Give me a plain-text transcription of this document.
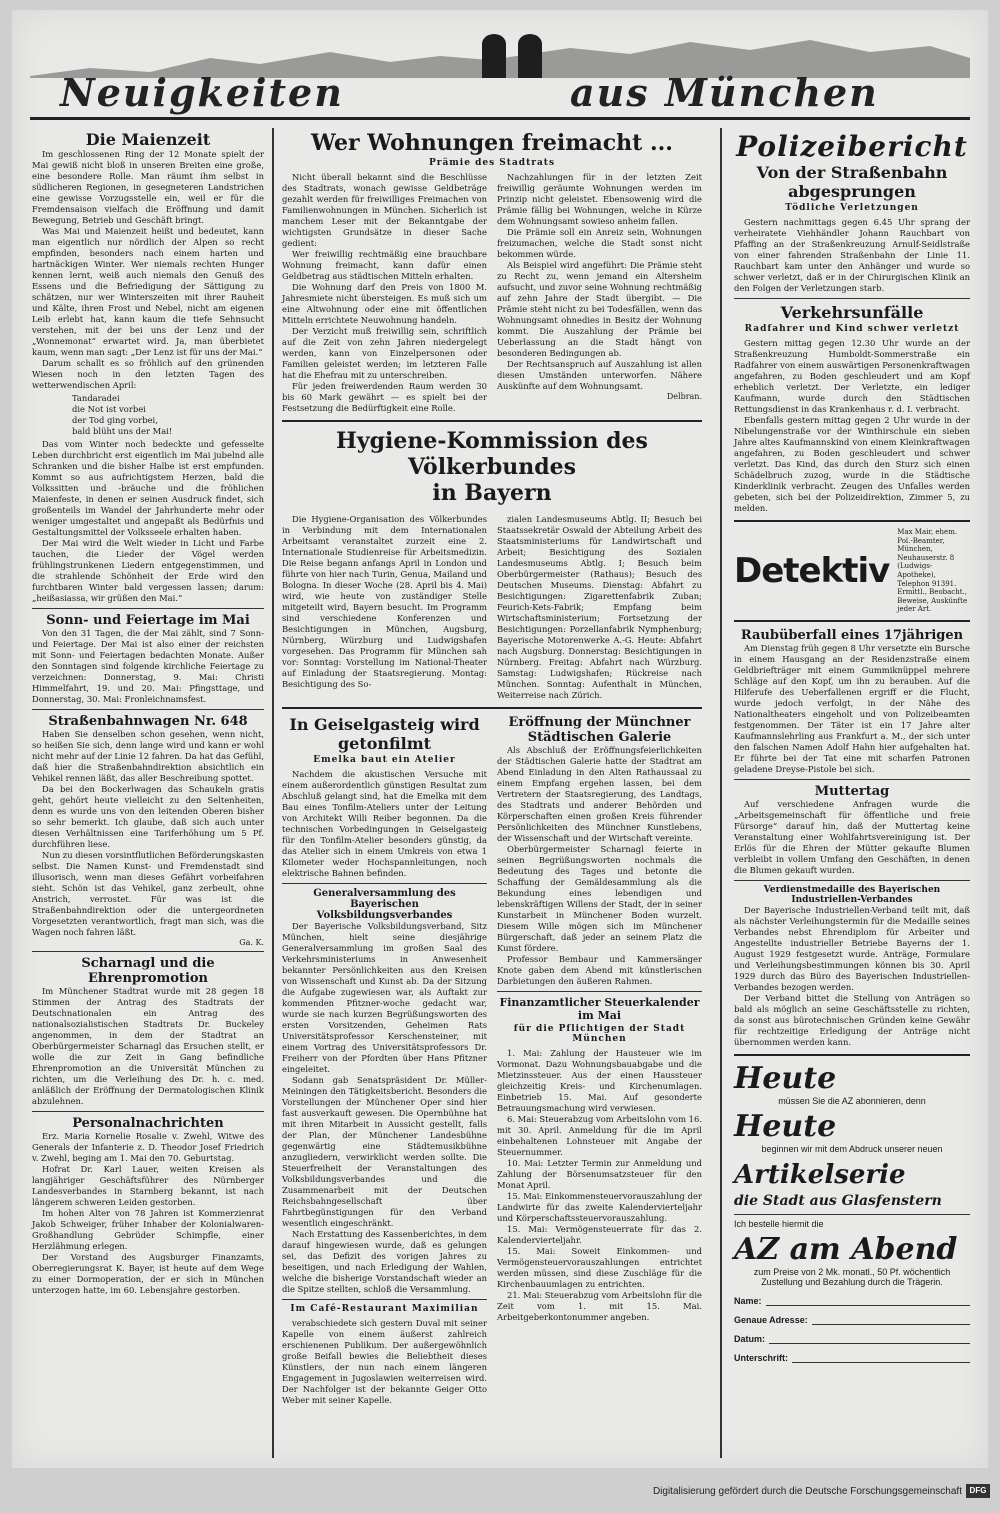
Neuigkeiten	aus München
Die Maienzeit

Im geschlossenen Ring der 12 Monate spielt der Mai gewiß nicht bloß in unseren Breiten eine große, eine besondere Rolle. Man räumt ihm selbst in südlicheren Regionen, in gesegneteren Landstrichen eine gewisse Vorzugsstelle ein, weil er für die Fremdensaison vielfach die Eröffnung und damit Bewegung, Betrieb und Geschäft bringt.

Was Mai und Maienzeit heißt und bedeutet, kann man eigentlich nur nördlich der Alpen so recht empfinden, besonders nach einem harten und hartnäckigen Winter. Wer niemals rechten Hunger kennen lernt, weiß auch niemals den Genuß des Essens und die Befriedigung der Sättigung zu schätzen, nur wer Winterszeiten mit ihrer Rauheit und Kälte, ihren Frost und Nebel, nicht am eigenen Leib erlebt hat, kann kaum die tiefe Sehnsucht verstehen, mit der bei uns der Lenz und der „Wonnemonat“ erwartet wird. Ja, man überbietet kaum, wenn man sagt: „Der Lenz ist für uns der Mai.“

Darum schallt es so fröhlich auf den grünenden Wiesen noch in den letzten Tagen des wetterwendischen April:

Tandaradei
die Not ist vorbei
der Tod ging vorbei,
bald blüht uns der Mai!

Das vom Winter noch bedeckte und gefesselte Leben durchbricht erst eigentlich im Mai jubelnd alle Schranken und die bisher Halbe ist erst empfunden. Kommt so aus aufrichtigstem Herzen, bald die Volkssitten und -bräuche und die fröhlichen Maienfeste, in denen er seinen Ausdruck findet, sich großenteils im Wandel der Jahrhunderte mehr oder weniger umgestaltet und angepaßt als Bedürfnis und Gestaltungsmittel der Volksseele erhalten haben.

Der Mai wird die Welt wieder in Licht und Farbe tauchen, die Lieder der Vögel werden frühlingstrunkenen Liedern entgegenstimmen, und die strahlende Schönheit der Erde wird den furchtbaren Winter bald vergessen lassen; darum: „heißasiassa, wir grüßen den Mai.“

Sonn- und Feiertage im Mai

Von den 31 Tagen, die der Mai zählt, sind 7 Sonn- und Feiertage. Der Mai ist also einer der reichsten mit Sonn- und Feiertagen bedachten Monate. Außer den Sonntagen sind folgende kirchliche Feiertage zu verzeichnen: Donnerstag, 9. Mai: Christi Himmelfahrt, 19. und 20. Mai: Pfingsttage, und Donnerstag, 30. Mai: Fronleichnamsfest.

Straßenbahnwagen Nr. 648

Haben Sie denselben schon gesehen, wenn nicht, so heißen Sie sich, denn lange wird und kann er wohl nicht mehr auf der Linie 12 fahren. Da hat das Gefühl, daß hier die Straßenbahndirektion absichtlich ein Vehikel rennen läßt, das aller Beschreibung spottet.

Da bei den Bockerlwagen das Schaukeln gratis geht, gehört heute vielleicht zu den Seltenheiten, denn es wurde uns von den leitenden Oberen bisher so sehr bemerkt. Ich glaube, daß sich auch unter diesen Verhältnissen eine Tariferhöhung um 5 Pf. durchführen liese.

Nun zu diesen vorsintflutlichen Beförderungskasten selbst. Die Namen Kunst- und Fremdenstadt sind illusorisch, wenn man dieses Gefährt vorbeifahren sieht. Schön ist das Vehikel, ganz zerbeult, ohne Anstrich, verrostet. Für was ist die Straßenbahndirektion oder die untergeordneten Vorgesetzten verantwortlich, fragt man sich, was die Wagen noch fahren läßt.

Ga. K.

Scharnagl und die Ehrenpromotion

Im Münchener Stadtrat wurde mit 28 gegen 18 Stimmen der Antrag des Stadtrats der Deutschnationalen ein Antrag des nationalsozialistischen Stadtrats Dr. Buckeley angenommen, in dem der Stadtrat an Oberbürgermeister Scharnagl das Ersuchen stellt, er wolle die zur Zeit in Gang befindliche Ehrenpromotion an die Universität München zu richten, um die Verleihung des Dr. h. c. med. anläßlich der Eröffnung der Dermatologischen Klinik abzulehnen.

Personalnachrichten

Erz. Maria Kornelie Rosalie v. Zwehl, Witwe des Generals der Infanterie z. D. Theodor Josef Friedrich v. Zwehl, beging am 1. Mai den 70. Geburtstag.

Hofrat Dr. Karl Lauer, weiten Kreisen als langjähriger Geschäftsführer des Nürnberger Landesverbandes in Starnberg bekannt, ist nach längerem schweren Leiden gestorben.

Im hohen Alter von 78 Jahren ist Kommerzienrat Jakob Schweiger, früher Inhaber der Kolonialwaren-Großhandlung Gebrüder Schimpfle, einer Herzlähmung erlegen.

Der Vorstand des Augsburger Finanzamts, Oberregierungsrat K. Bayer, ist heute auf dem Wege zu einer Dormoperation, der er sich in München unterzogen hatte, im 60. Lebensjahre gestorben.

Wer Wohnungen freimacht ...
Prämie des Stadtrats

Nicht überall bekannt sind die Beschlüsse des Stadtrats, wonach gewisse Geldbeträge gezahlt werden für freiwilliges Freimachen von Familienwohnungen in München. Sicherlich ist manchem Leser mit der Bekanntgabe der wichtigsten Grundsätze in dieser Sache gedient:

Wer freiwillig rechtmäßig eine brauchbare Wohnung freimacht, kann dafür einen Geldbetrag aus städtischen Mitteln erhalten.

Die Wohnung darf den Preis von 1800 M. Jahresmiete nicht übersteigen. Es muß sich um eine Altwohnung oder eine mit öffentlichen Mitteln errichtete Neuwohnung handeln.

Der Verzicht muß freiwillig sein, schriftlich auf die Zeit von zehn Jahren niedergelegt werden, kann von Einzelpersonen oder Familien geleistet werden; im letzteren Falle hat die Ehefrau mit zu unterschreiben.

Für jeden freiwerdenden Raum werden 30 bis 60 Mark gewährt — es spielt bei der Festsetzung die Bedürftigkeit eine Rolle.

Nachzahlungen für in der letzten Zeit freiwillig geräumte Wohnungen werden im Prinzip nicht geleistet. Ebensowenig wird die Prämie fällig bei Wohnungen, welche in Kürze dem Wohnungsamt sowieso anheim fallen.

Die Prämie soll ein Anreiz sein, Wohnungen freizumachen, welche die Stadt sonst nicht bekommen würde.

Als Beispiel wird angeführt: Die Prämie steht zu Recht zu, wenn jemand ein Altersheim aufsucht, und zuvor seine Wohnung rechtmäßig auf zehn Jahre der Stadt übergibt. — Die Prämie steht nicht zu bei Todesfällen, wenn das Wohnungsamt ohnedies in Besitz der Wohnung kommt. Die Auszahlung der Prämie bei Ueberlassung an die Stadt hängt von besonderen Bedingungen ab.

Der Rechtsanspruch auf Auszahlung ist allen diesen Umständen unterworfen. Nähere Auskünfte auf dem Wohnungsamt.

Delbran.

Hygiene-Kommission des Völkerbundes
in Bayern

Die Hygiene-Organisation des Völkerbundes in Verbindung mit dem Internationalen Arbeitsamt veranstaltet zurzeit eine 2. Internationale Studienreise für Arbeitsmedizin. Die Reise begann anfangs April in London und führte von hier nach Turin, Genua, Mailand und Bologna. In dieser Woche (28. April bis 4. Mai) wird, wie heute von zuständiger Stelle mitgeteilt wird, Bayern besucht. Im Programm sind verschiedene Konferenzen und Besichtigungen in München, Augsburg, Nürnberg, Würzburg und Ludwigshafen vorgesehen. Das Programm für München sah vor: Sonntag: Vorstellung im National-Theater auf Einladung der Staatsregierung. Montag: Besichtigung des So-

zialen Landesmuseums Abtlg. II; Besuch bei Staatssekretär Oswald der Abteilung Arbeit des Staatsministeriums für Landwirtschaft und Arbeit; Besichtigung des Sozialen Landesmuseums Abtlg. I; Besuch beim Oberbürgermeister (Rathaus); Besuch des Deutschen Museums. Dienstag: Abfahrt zu Besichtigungen: Zigarettenfabrik Zuban; Feurich-Kets-Fabrik; Empfang beim Wirtschaftsministerium; Fortsetzung der Besichtigungen: Porzellanfabrik Nymphenburg; Bayerische Motorenwerke A.-G. Heute: Abfahrt nach Augsburg. Donnerstag: Besichtigungen in Nürnberg. Freitag: Abfahrt nach Würzburg. Samstag: Ludwigshafen; Rückreise nach München. Sonntag: Aufenthalt in München, Weiterreise nach Zürich.

In Geiselgasteig wird getonfilmt
Emelka baut ein Atelier

Nachdem die akustischen Versuche mit einem außerordentlich günstigen Resultat zum Abschluß gelangt sind, hat die Emelka mit dem Bau eines Tonfilm-Ateliers unter der Leitung von Architekt Willi Reiber begonnen. Da die technischen Vorbedingungen in Geiselgasteig für den Tonfilm-Atelier besonders günstig, da das Atelier sich in einem Umkreis von etwa 1 Kilometer weder Hochspannleitungen, noch elektrische Bahnen befinden.

Generalversammlung des Bayerischen Volksbildungsverbandes

Der Bayerische Volksbildungsverband, Sitz München, hielt seine diesjährige Generalversammlung im großen Saal des Verkehrsministeriums in Anwesenheit bekannter Persönlichkeiten aus den Kreisen von Wissenschaft und Kunst ab. Da der Sitzung die Aufgabe zugewiesen war, als Auftakt zur kommenden Pfitzner-woche gedacht war, wurde sie nach kurzen Begrüßungsworten des ersten Vorsitzenden, Geheimen Rats Universitätsprofessor Kerschensteiner, mit einem Vortrag des Universitätsprofessors Dr. Freiherr von der Pfordten über Hans Pfitzner eingeleitet.

Sodann gab Senatspräsident Dr. Müller-Meiningen den Tätigkeitsbericht. Besonders die Vorstellungen der Münchener Oper sind hier fast ausverkauft gewesen. Die Opernbühne hat mit ihren Mitarbeit in Aussicht gestellt, falls der Plan, der Münchener Landesbühne gegenwärtig eine Städtemusikbühne anzugliedern, verwirklicht werden sollte. Die Steuerfreiheit der Veranstaltungen des Volksbildungsverbandes und die Zusammenarbeit mit der Deutschen Reichsbahngesellschaft über Fahrtbegünstigungen für den Verband wesentlich eingeschränkt.

Nach Erstattung des Kassenberichtes, in dem darauf hingewiesen wurde, daß es gelungen sei, das Defizit des vorigen Jahres zu beseitigen, und nach Erledigung der Wahlen, welche die bisherige Vorstandschaft wieder an die Spitze stellten, schloß die Versammlung.

Im Café-Restaurant Maximilian

verabschiedete sich gestern Duval mit seiner Kapelle von einem äußerst zahlreich erschienenen Publikum. Der außergewöhnlich große Beifall bewies die Beliebtheit dieses Künstlers, der nun nach einem längeren Engagement in Jugoslawien weiterreisen wird. Der Nachfolger ist der bekannte Geiger Otto Weber mit seiner Kapelle.

Eröffnung der Münchner Städtischen Galerie

Als Abschluß der Eröffnungsfeierlichkeiten der Städtischen Galerie hatte der Stadtrat am Abend Einladung in den Alten Rathaussaal zu einem Empfang ergehen lassen, bei dem Vertretern der Staatsregierung, des Landtags, des Stadtrats und anderer Behörden und Körperschaften einen großen Kreis führender Persönlichkeiten des Münchner Kunstlebens, der Wissenschaft und der Wirtschaft vereinte.

Oberbürgermeister Scharnagl feierte in seinen Begrüßungsworten nochmals die Bedeutung des Tages und betonte die Schaffung der Gemäldesammlung als die Bekundung eines lebendigen und lebenskräftigen Willens der Stadt, der in seiner Kunstarbeit in Münchener Boden wurzelt. Diesem Wille mögen sich im Münchener Bürgerschaft, daß jeder an seinem Platz die Kunst fördere.

Professor Bembaur und Kammersänger Knote gaben dem Abend mit künstlerischen Darbietungen den äußeren Rahmen.

Finanzamtlicher Steuerkalender im Mai
für die Pflichtigen der Stadt München

1. Mai: Zahlung der Hausteuer wie im Vormonat. Dazu Wohnungsbauabgabe und die Mietzinssteuer. Aus der einen Haussteuer gleichzeitig Kreis- und Kirchenumlagen. Einbetrieb 15. Mai. Auf gesonderte Betrauungsmachung wird verwiesen.

6. Mai: Steuerabzug vom Arbeitslohn vom 16. mit 30. April. Anmeldung für die im April einbehaltenen Lohnsteuer mit Angabe der Steuernummer.

10. Mai: Letzter Termin zur Anmeldung und Zahlung der Börsenumsatzsteuer für den Monat April.

15. Mai: Einkommensteuervorauszahlung der Landwirte für das zweite Kalendervierteljahr und Körperschaftssteuervorauszahlung.

15. Mai: Vermögensteuerrate für das 2. Kalendervierteljahr.

15. Mai: Soweit Einkommen- und Vermögensteuervorauszahlungen entrichtet werden müssen, sind diese Zuschläge für die Kirchenbauumlagen zu entrichten.

21. Mai: Steuerabzug vom Arbeitslohn für die Zeit vom 1. mit 15. Mai. Arbeitgeberkontonummer angeben.

Polizeibericht
Von der Straßenbahn abgesprungen
Tödliche Verletzungen

Gestern nachmittags gegen 6.45 Uhr sprang der verheiratete Viehhändler Johann Rauchbart von Pfaffing an der Straßenkreuzung Arnulf-Seidlstraße von einer fahrenden Straßenbahn der Linie 11. Rauchbart kam unter den Anhänger und wurde so schwer verletzt, daß er in der Chirurgischen Klinik an den Folgen der Verletzungen starb.

Verkehrsunfälle
Radfahrer und Kind schwer verletzt

Gestern mittag gegen 12.30 Uhr wurde an der Straßenkreuzung Humboldt-Sommerstraße ein Radfahrer von einem auswärtigen Personenkraftwagen angefahren, zu Boden geschleudert und am Kopf erheblich verletzt. Der Verletzte, ein lediger Kaufmann, wurde durch den Städtischen Rettungsdienst in das Krankenhaus r. d. I. verbracht.

Ebenfalls gestern mittag gegen 2 Uhr wurde in der Nibelungenstraße vor der Winthirschule ein sieben Jahre altes Kaufmannskind von einem Kleinkraftwagen angefahren, zu Boden geschleudert und schwer verletzt. Das Kind, das durch den Sturz sich einen Schädelbruch zuzog, wurde in die Städtische Kinderklinik verbracht. Zeugen des Unfalles werden gebeten, sich bei der Polizeidirektion, Zimmer 5, zu melden.

Detektiv
Max Mair, ehem. Pol.-Beamter, München, Neuhauserstr. 8 (Ludwigs-Apotheke), Telephon 91391. Ermittl., Beobacht., Beweise, Auskünfte jeder Art.
Raubüberfall eines 17jährigen

Am Dienstag früh gegen 8 Uhr versetzte ein Bursche in einem Hausgang an der Residenzstraße einem Geldbriefträger mit einem Gummiknüppel mehrere Schläge auf den Kopf, um ihn zu berauben. Auf die Hilferufe des Ueberfallenen ergriff er die Flucht, wurde jedoch verfolgt, in der Nähe des Nationaltheaters eingeholt und von Polizeibeamten festgenommen. Der Täter ist ein 17 Jahre alter Kaufmannslehrling aus Frankfurt a. M., der sich unter den falschen Namen Adolf Hahn hier aufgehalten hat. Er führte bei der Tat eine mit scharfen Patronen geladene Dreyse-Pistole bei sich.

Muttertag

Auf verschiedene Anfragen wurde die „Arbeitsgemeinschaft für öffentliche und freie Fürsorge“ darauf hin, daß der Muttertag keine Veranstaltung einer Wohlfahrtsvereinigung ist. Der Erlös für die Ehren der Mütter gekaufte Blumen verbleibt in vollem Umfang den Geschäften, in denen die Blumen gekauft wurden.

Verdienstmedaille des Bayerischen Industriellen-Verbandes

Der Bayerische Industriellen-Verband teilt mit, daß als nächster Verleihungstermin für die Medaille seines Verbandes nebst Ehrendiplom für Arbeiter und Angestellte industrieller Betriebe Bayerns der 1. August 1929 festgesetzt wurde. Anträge, Formulare und Verleihungsbestimmungen können bis 30. April 1929 durch das Büro des Bayerischen Industriellen-Verbandes bezogen werden.

Der Verband bittet die Stellung von Anträgen so bald als möglich an seine Geschäftsstelle zu richten, da sonst aus bürotechnischen Gründen keine Gewähr für rechtzeitige Erledigung der Anträge nicht übernommen werden kann.

Heute

müssen Sie die AZ abonnieren, denn

Heute

beginnen wir mit dem Abdruck unserer neuen

Artikelserie

die Stadt aus Glasfenstern

Ich bestelle hiermit die

AZ am Abend

zum Preise von 2 Mk. monatl., 50 Pf. wöchentlich Zustellung und Bezahlung durch die Trägerin.

Name:
Genaue Adresse:
Datum:
Unterschrift:
Digitalisierung gefördert durch die Deutsche Forschungsgemeinschaft DFG
